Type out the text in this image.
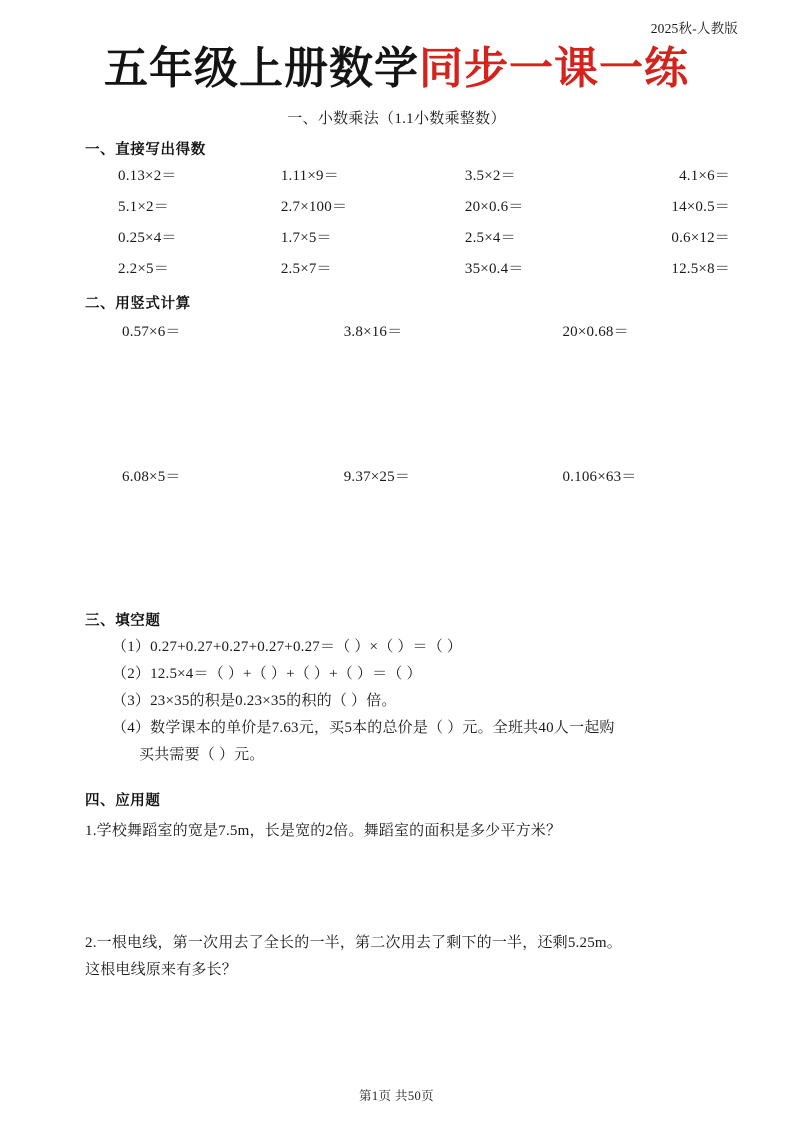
2025秋-人教版
五年级上册数学同步一课一练
一、小数乘法（1.1小数乘整数）
一、直接写出得数
0.13×2＝	1.11×9＝	3.5×2＝	4.1×6＝
5.1×2＝	2.7×100＝	20×0.6＝	14×0.5＝
0.25×4＝	1.7×5＝	2.5×4＝	0.6×12＝
2.2×5＝	2.5×7＝	35×0.4＝	12.5×8＝
二、用竖式计算
0.57×6＝	3.8×16＝	20×0.68＝
6.08×5＝	9.37×25＝	0.106×63＝
三、填空题
（1）0.27+0.27+0.27+0.27+0.27＝（ ）×（ ）＝（ ）
（2）12.5×4＝（ ）+（ ）+（ ）+（ ）＝（ ）
（3）23×35的积是0.23×35的积的（ ）倍。
（4）数学课本的单价是7.63元，买5本的总价是（ ）元。全班共40人一起购
买共需要（ ）元。
四、应用题
1.学校舞蹈室的宽是7.5m，长是宽的2倍。舞蹈室的面积是多少平方米？
2.一根电线，第一次用去了全长的一半，第二次用去了剩下的一半，还剩5.25m。
这根电线原来有多长？
第1页 共50页
